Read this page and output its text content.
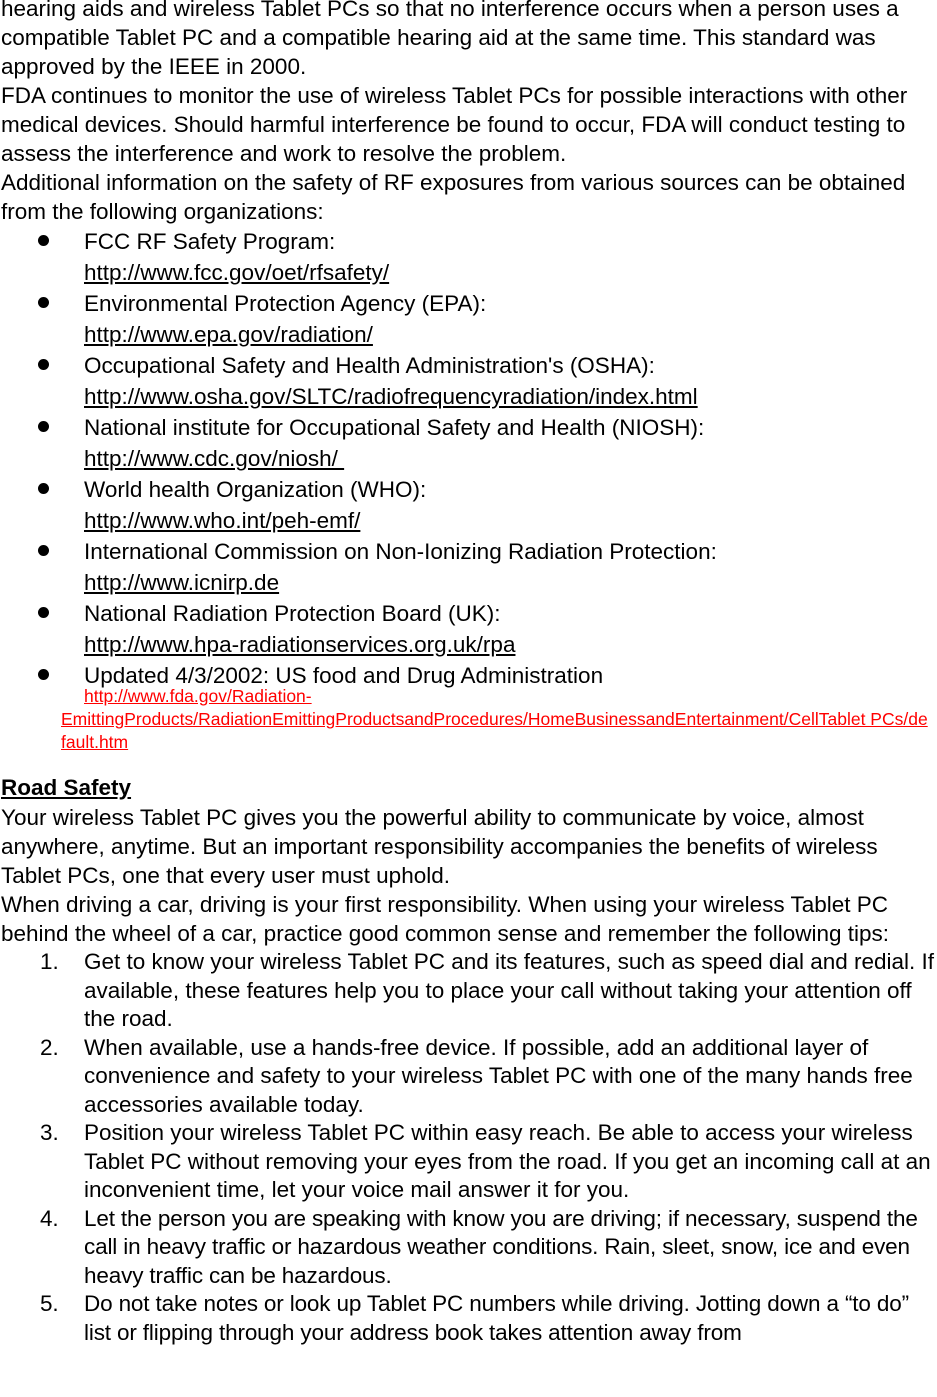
hearing aids and wireless Tablet PCs so that no interference occurs when a person uses a compatible Tablet PC and a compatible hearing aid at the same time. This standard was approved by the IEEE in 2000.

FDA continues to monitor the use of wireless Tablet PCs for possible interactions with other medical devices. Should harmful interference be found to occur, FDA will conduct testing to assess the interference and work to resolve the problem.

Additional information on the safety of RF exposures from various sources can be obtained from the following organizations:

FCC RF Safety Program:
http://www.fcc.gov/oet/rfsafety/
Environmental Protection Agency (EPA):
http://www.epa.gov/radiation/
Occupational Safety and Health Administration's (OSHA):
http://www.osha.gov/SLTC/radiofrequencyradiation/index.html
National institute for Occupational Safety and Health (NIOSH):
http://www.cdc.gov/niosh/
World health Organization (WHO):
http://www.who.int/peh-emf/
International Commission on Non-Ionizing Radiation Protection:
http://www.icnirp.de
National Radiation Protection Board (UK):
http://www.hpa-radiationservices.org.uk/rpa
Updated 4/3/2002: US food and Drug Administration
http://www.fda.gov/Radiation-
EmittingProducts/RadiationEmittingProductsandProcedures/HomeBusinessandEntertainment/CellTablet PCs/default.htm
Road Safety

Your wireless Tablet PC gives you the powerful ability to communicate by voice, almost anywhere, anytime. But an important responsibility accompanies the benefits of wireless Tablet PCs, one that every user must uphold.

When driving a car, driving is your first responsibility. When using your wireless Tablet PC behind the wheel of a car, practice good common sense and remember the following tips:

1. Get to know your wireless Tablet PC and its features, such as speed dial and redial. If available, these features help you to place your call without taking your attention off the road.
2. When available, use a hands-free device. If possible, add an additional layer of convenience and safety to your wireless Tablet PC with one of the many hands free accessories available today.
3. Position your wireless Tablet PC within easy reach. Be able to access your wireless Tablet PC without removing your eyes from the road. If you get an incoming call at an inconvenient time, let your voice mail answer it for you.
4. Let the person you are speaking with know you are driving; if necessary, suspend the call in heavy traffic or hazardous weather conditions. Rain, sleet, snow, ice and even heavy traffic can be hazardous.
5. Do not take notes or look up Tablet PC numbers while driving. Jotting down a “to do” list or flipping through your address book takes attention away from
